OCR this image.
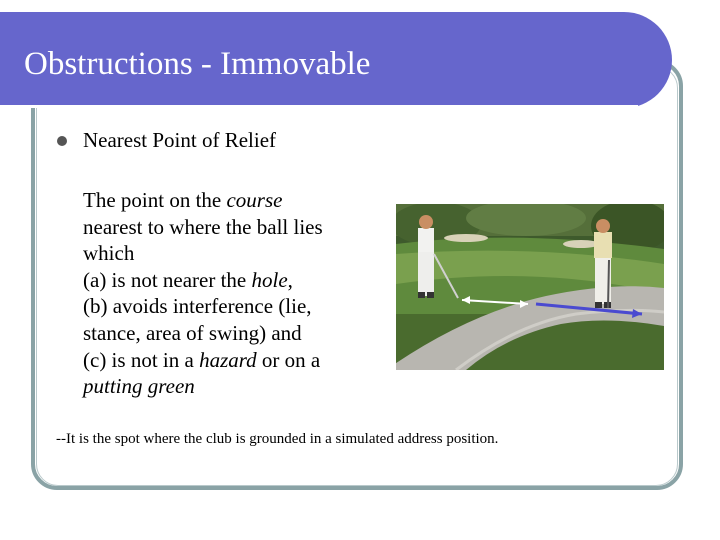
Obstructions - Immovable
Nearest Point of Relief
The point on the course
nearest to where the ball lies
which
(a) is not nearer the hole,
(b) avoids interference (lie,
stance, area of swing) and
(c) is not in a hazard or on a
putting green
--It is the spot where the club is grounded in a simulated address position.
